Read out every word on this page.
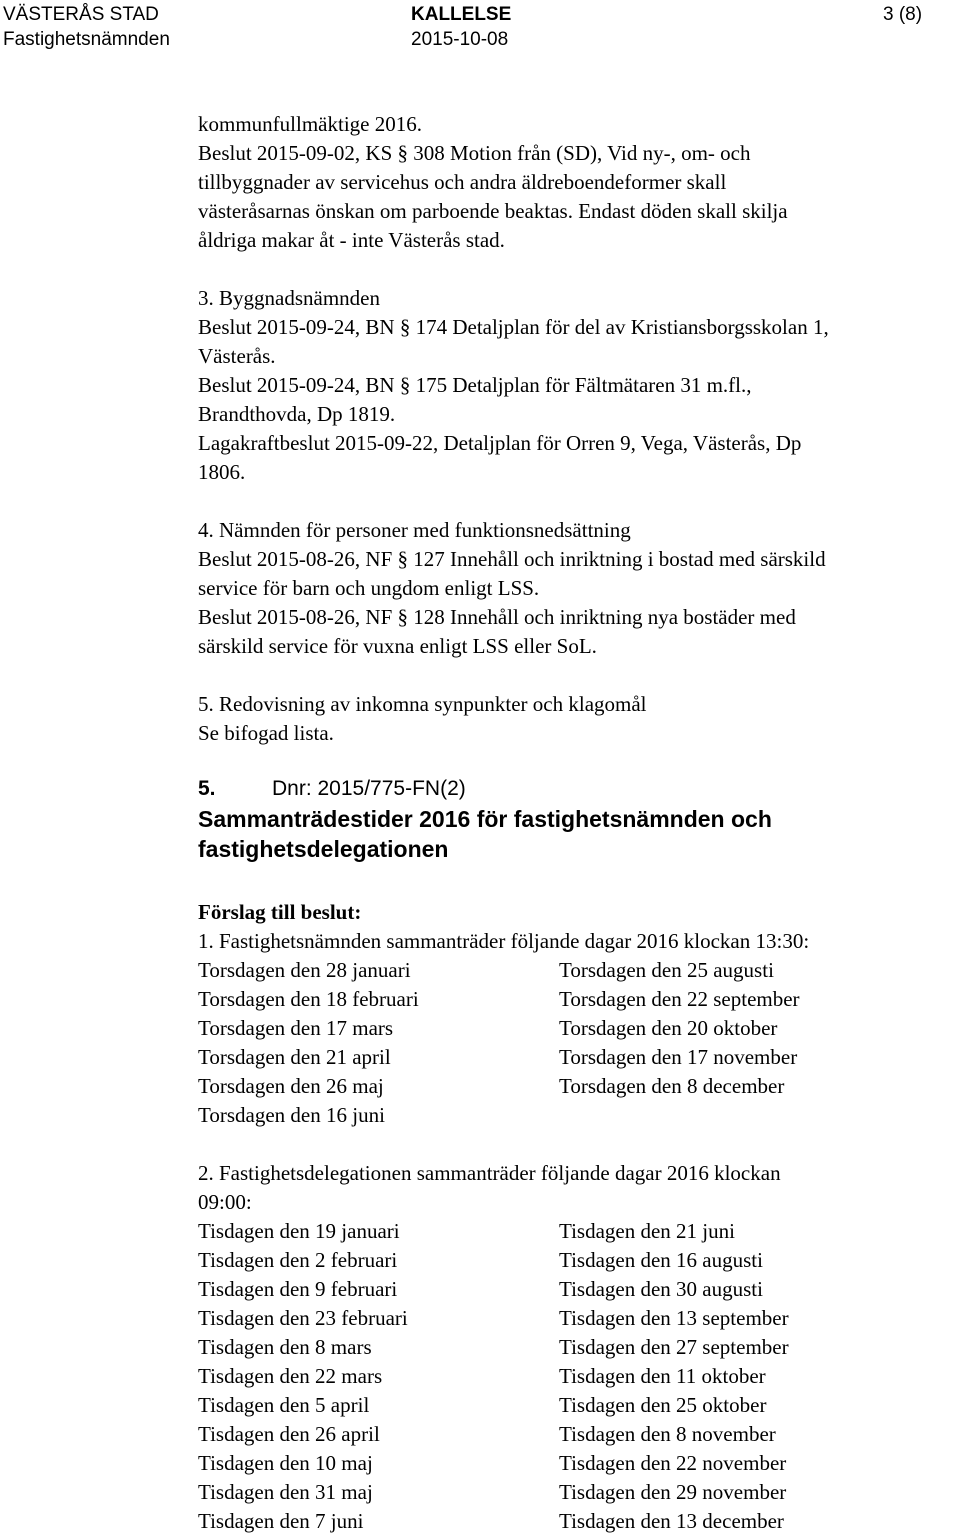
VÄSTERÅS STAD
Fastighetsnämnden
KALLELSE
2015-10-08
3 (8)
kommunfullmäktige 2016.
Beslut 2015-09-02, KS § 308 Motion från (SD), Vid ny-, om- och
tillbyggnader av servicehus och andra äldreboendeformer skall
västeråsarnas önskan om parboende beaktas. Endast döden skall skilja
åldriga makar åt - inte Västerås stad.
3. Byggnadsnämnden
Beslut 2015-09-24, BN § 174 Detaljplan för del av Kristiansborgsskolan 1,
Västerås.
Beslut 2015-09-24, BN § 175 Detaljplan för Fältmätaren 31 m.fl.,
Brandthovda, Dp 1819.
Lagakraftbeslut 2015-09-22, Detaljplan för Orren 9, Vega, Västerås, Dp
1806.
4. Nämnden för personer med funktionsnedsättning
Beslut 2015-08-26, NF § 127 Innehåll och inriktning i bostad med särskild
service för barn och ungdom enligt LSS.
Beslut 2015-08-26, NF § 128 Innehåll och inriktning nya bostäder med
särskild service för vuxna enligt LSS eller SoL.
5. Redovisning av inkomna synpunkter och klagomål
Se bifogad lista.
5.	Dnr: 2015/775-FN(2)
Sammanträdestider 2016 för fastighetsnämnden och
fastighetsdelegationen
Förslag till beslut:
1. Fastighetsnämnden sammanträder följande dagar 2016 klockan 13:30:
Torsdagen den 28 januari	Torsdagen den 25 augusti
Torsdagen den 18 februari	Torsdagen den 22 september
Torsdagen den 17 mars	Torsdagen den 20 oktober
Torsdagen den 21 april	Torsdagen den 17 november
Torsdagen den 26 maj	Torsdagen den 8 december
Torsdagen den 16 juni
2. Fastighetsdelegationen sammanträder följande dagar 2016 klockan
09:00:
Tisdagen den 19 januari	Tisdagen den 21 juni
Tisdagen den 2 februari	Tisdagen den 16 augusti
Tisdagen den 9 februari	Tisdagen den 30 augusti
Tisdagen den 23 februari	Tisdagen den 13 september
Tisdagen den 8 mars	Tisdagen den 27 september
Tisdagen den 22 mars	Tisdagen den 11 oktober
Tisdagen den 5 april	Tisdagen den 25 oktober
Tisdagen den 26 april	Tisdagen den 8 november
Tisdagen den 10 maj	Tisdagen den 22 november
Tisdagen den 31 maj	Tisdagen den 29 november
Tisdagen den 7 juni	Tisdagen den 13 december
